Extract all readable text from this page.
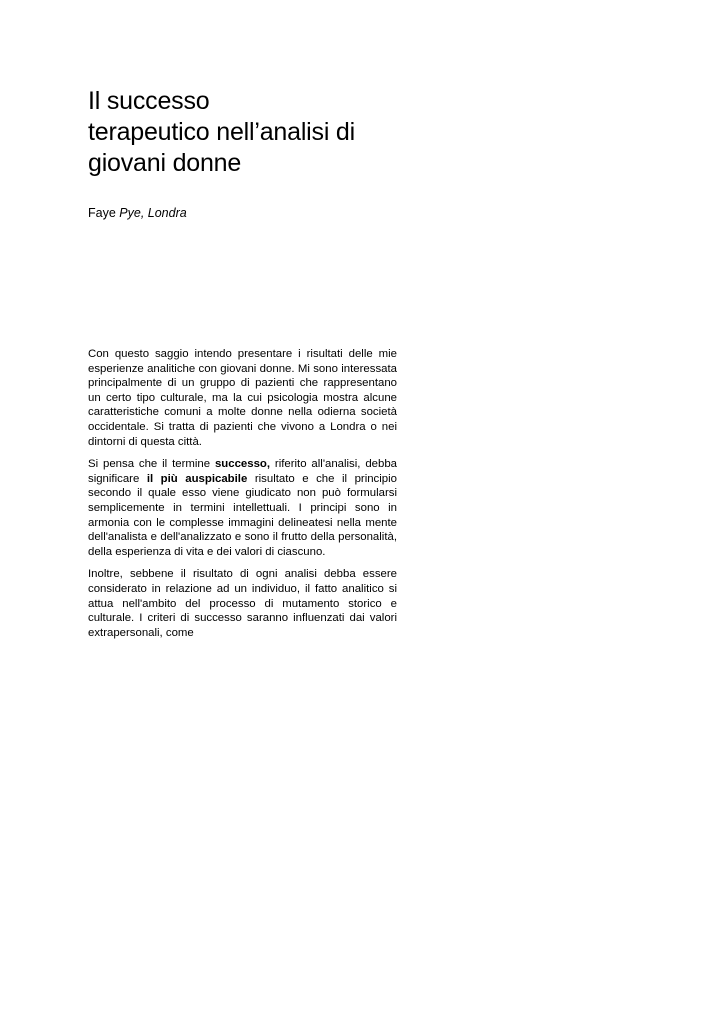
Il successo
terapeutico nell’analisi di
giovani donne

Faye Pye, Londra

Con questo saggio intendo presentare i risultati delle mie esperienze analitiche con giovani donne. Mi sono interessata principalmente di un gruppo di pazienti che rappresentano un certo tipo culturale, ma la cui psicologia mostra alcune caratteristiche comuni a molte donne nella odierna società occidentale. Si tratta di pazienti che vivono a Londra o nei dintorni di questa città.

Si pensa che il termine successo, riferito all'analisi, debba significare il più auspicabile risultato e che il principio secondo il quale esso viene giudicato non può formularsi semplicemente in termini intellettuali. I principi sono in armonia con le complesse immagini delineatesi nella mente dell'analista e dell'analizzato e sono il frutto della personalità, della esperienza di vita e dei valori di ciascuno.

Inoltre, sebbene il risultato di ogni analisi debba essere considerato in relazione ad un individuo, il fatto analitico si attua nell'ambito del processo di mutamento storico e culturale. I criteri di successo saranno influenzati dai valori extrapersonali, come
